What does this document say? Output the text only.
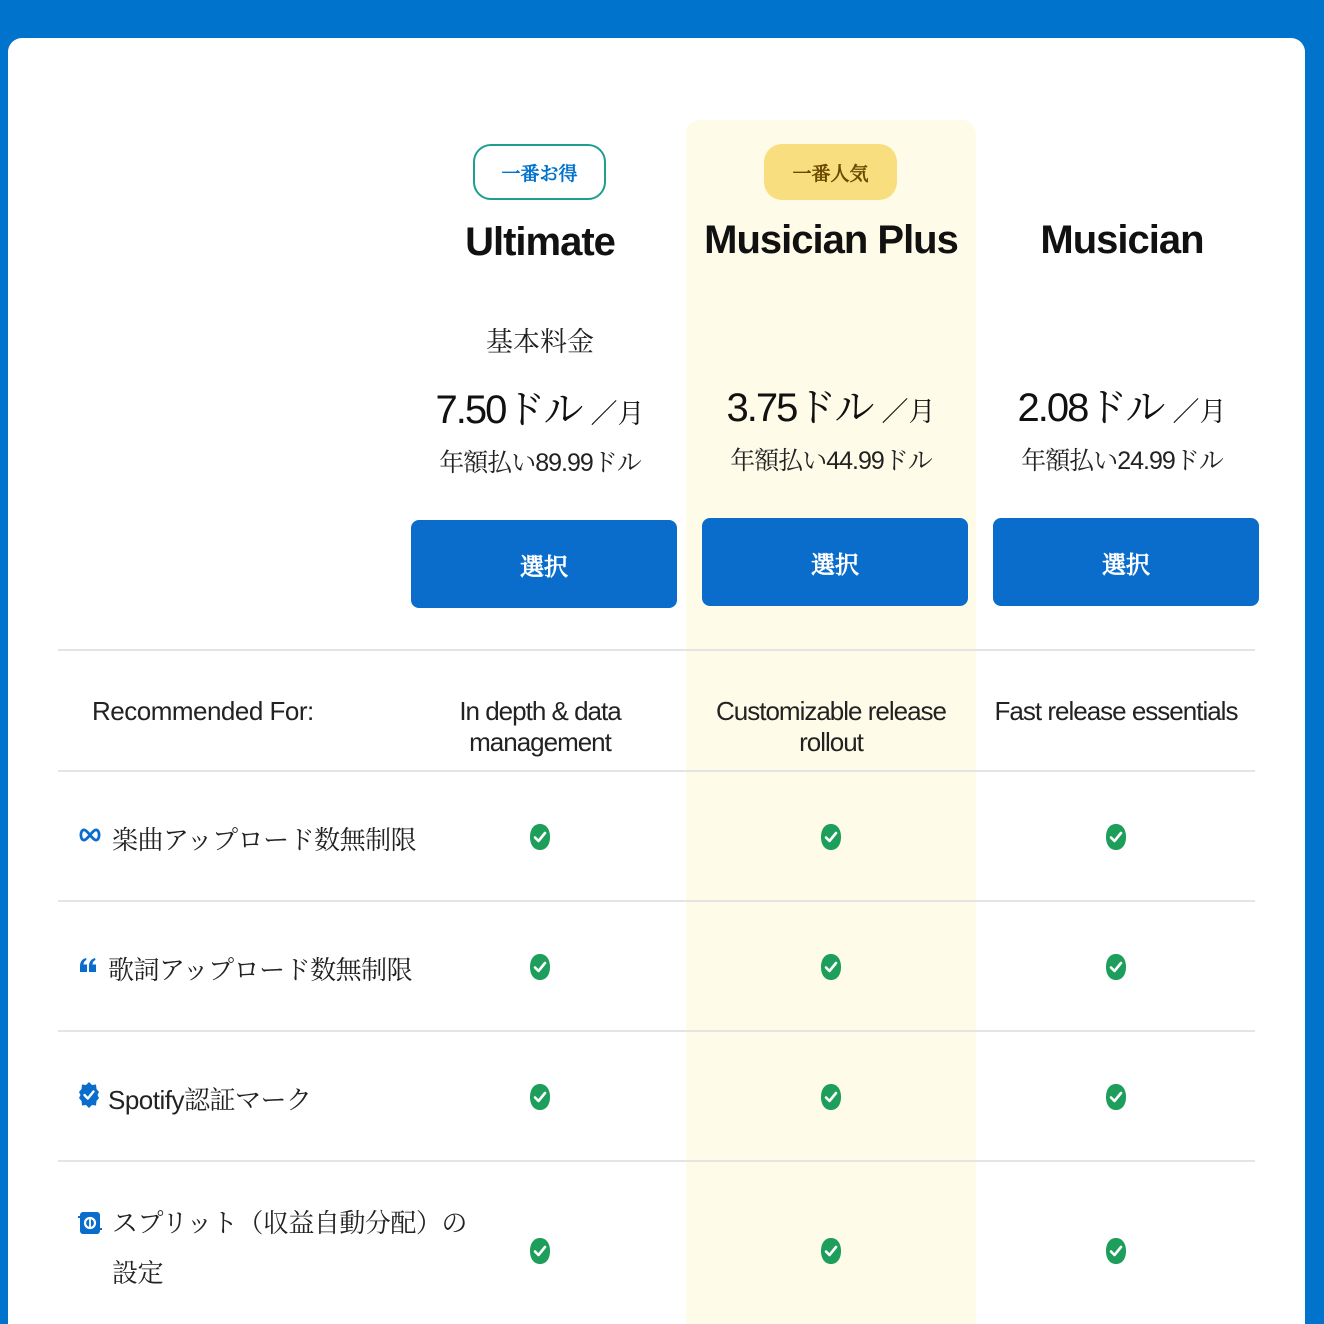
一番お得
Ultimate
基本料金
7.50ドル ／月
年額払い89.99ドル
選択
一番人気
Musician Plus
3.75ドル ／月
年額払い44.99ドル
選択
Musician
2.08ドル ／月
年額払い24.99ドル
選択
Recommended For:	In depth & data management
Customizable release rollout
Fast release essentials
楽曲アップロード数無制限
歌詞アップロード数無制限
Spotify認証マーク
スプリット（収益自動分配）の
設定
